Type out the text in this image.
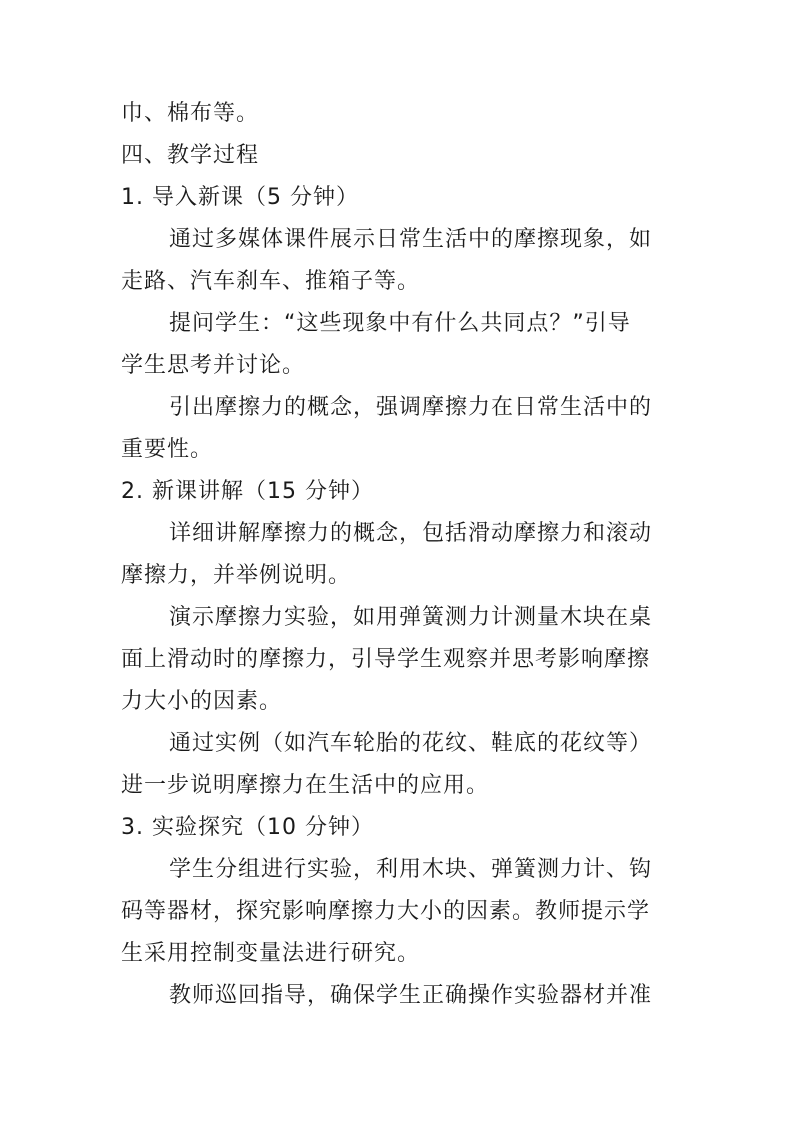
巾、棉布等。
四、教学过程
1. 导入新课（5 分钟）
通过多媒体课件展示日常生活中的摩擦现象，如
走路、汽车刹车、推箱子等。
提问学生：“这些现象中有什么共同点？”引导
学生思考并讨论。
引出摩擦力的概念，强调摩擦力在日常生活中的
重要性。
2. 新课讲解（15 分钟）
详细讲解摩擦力的概念，包括滑动摩擦力和滚动
摩擦力，并举例说明。
演示摩擦力实验，如用弹簧测力计测量木块在桌
面上滑动时的摩擦力，引导学生观察并思考影响摩擦
力大小的因素。
通过实例（如汽车轮胎的花纹、鞋底的花纹等）
进一步说明摩擦力在生活中的应用。
3. 实验探究（10 分钟）
学生分组进行实验，利用木块、弹簧测力计、钩
码等器材，探究影响摩擦力大小的因素。教师提示学
生采用控制变量法进行研究。
教师巡回指导，确保学生正确操作实验器材并准
